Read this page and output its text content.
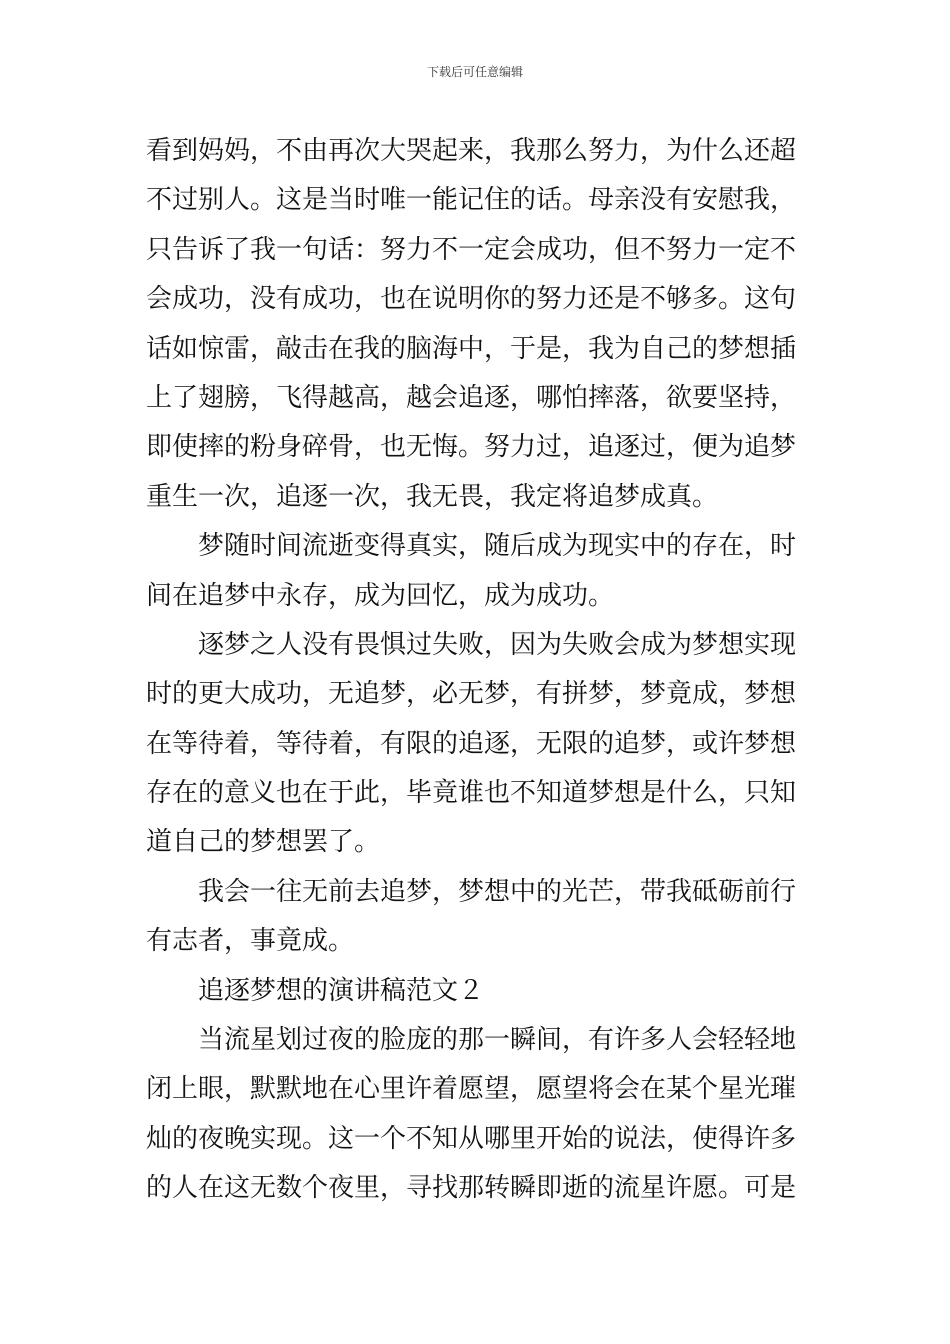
下载后可任意编辑
看到妈妈，不由再次大哭起来，我那么努力，为什么还超
不过别人。这是当时唯一能记住的话。母亲没有安慰我，
只告诉了我一句话：努力不一定会成功，但不努力一定不
会成功，没有成功，也在说明你的努力还是不够多。这句
话如惊雷，敲击在我的脑海中，于是，我为自己的梦想插
上了翅膀，飞得越高，越会追逐，哪怕摔落，欲要坚持，
即使摔的粉身碎骨，也无悔。努力过，追逐过，便为追梦
重生一次，追逐一次，我无畏，我定将追梦成真。
梦随时间流逝变得真实，随后成为现实中的存在，时
间在追梦中永存，成为回忆，成为成功。
逐梦之人没有畏惧过失败，因为失败会成为梦想实现
时的更大成功，无追梦，必无梦，有拼梦，梦竟成，梦想
在等待着，等待着，有限的追逐，无限的追梦，或许梦想
存在的意义也在于此，毕竟谁也不知道梦想是什么，只知
道自己的梦想罢了。
我会一往无前去追梦，梦想中的光芒，带我砥砺前行
有志者，事竟成。
追逐梦想的演讲稿范文２
当流星划过夜的脸庞的那一瞬间，有许多人会轻轻地
闭上眼，默默地在心里许着愿望，愿望将会在某个星光璀
灿的夜晚实现。这一个不知从哪里开始的说法，使得许多
的人在这无数个夜里，寻找那转瞬即逝的流星许愿。可是
